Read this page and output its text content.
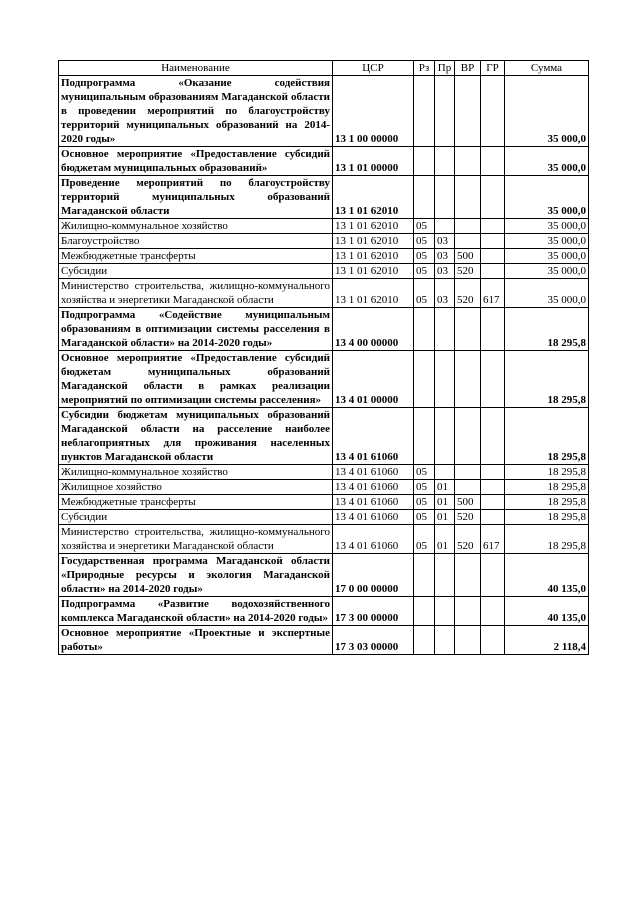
Наименование	ЦСР	Рз	Пр	ВР	ГР	Сумма
Подпрограмма «Оказание содействия муниципальным образованиям Магаданской области в проведении мероприятий по благоустройству территорий муниципальных образований на 2014-2020 годы»	13 1 00 00000					35 000,0
Основное мероприятие «Предоставление субсидий бюджетам муниципальных образований»	13 1 01 00000					35 000,0
Проведение мероприятий по благоустройству территорий муниципальных образований Магаданской области	13 1 01 62010					35 000,0
Жилищно-коммунальное хозяйство	13 1 01 62010	05				35 000,0
Благоустройство	13 1 01 62010	05	03			35 000,0
Межбюджетные трансферты	13 1 01 62010	05	03	500		35 000,0
Субсидии	13 1 01 62010	05	03	520		35 000,0
Министерство строительства, жилищно-коммунального хозяйства и энергетики Магаданской области	13 1 01 62010	05	03	520	617	35 000,0
Подпрограмма «Содействие муниципальным образованиям в оптимизации системы расселения в Магаданской области» на 2014-2020 годы»	13 4 00 00000					18 295,8
Основное мероприятие «Предоставление субсидий бюджетам муниципальных образований Магаданской области в рамках реализации мероприятий по оптимизации системы расселения»	13 4 01 00000					18 295,8
Субсидии бюджетам муниципальных образований Магаданской области на расселение наиболее неблагоприятных для проживания населенных пунктов Магаданской области	13 4 01 61060					18 295,8
Жилищно-коммунальное хозяйство	13 4 01 61060	05				18 295,8
Жилищное хозяйство	13 4 01 61060	05	01			18 295,8
Межбюджетные трансферты	13 4 01 61060	05	01	500		18 295,8
Субсидии	13 4 01 61060	05	01	520		18 295,8
Министерство строительства, жилищно-коммунального хозяйства и энергетики Магаданской области	13 4 01 61060	05	01	520	617	18 295,8
Государственная программа Магаданской области «Природные ресурсы и экология Магаданской области» на 2014-2020 годы»	17 0 00 00000					40 135,0
Подпрограмма «Развитие водохозяйственного комплекса Магаданской области» на 2014-2020 годы»	17 3 00 00000					40 135,0
Основное мероприятие «Проектные и экспертные работы»	17 3 03 00000					2 118,4
